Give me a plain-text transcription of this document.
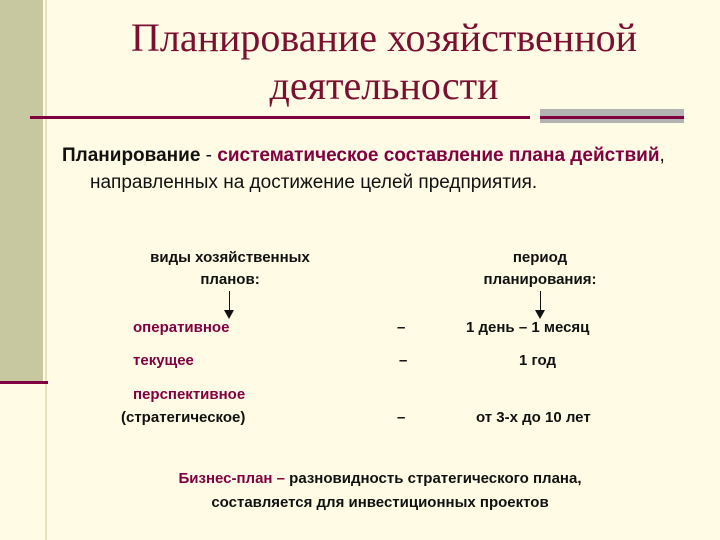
Планирование хозяйственной
деятельности
Планирование - систематическое составление плана действий, направленных на достижение целей предприятия.
виды хозяйственных
планов:
период
планирования:
оперативное	–	1 день – 1 месяц
текущее	–	1 год
перспективное
(стратегическое)	–	от 3-х до 10 лет
Бизнес-план – разновидность стратегического плана,
составляется для инвестиционных проектов
